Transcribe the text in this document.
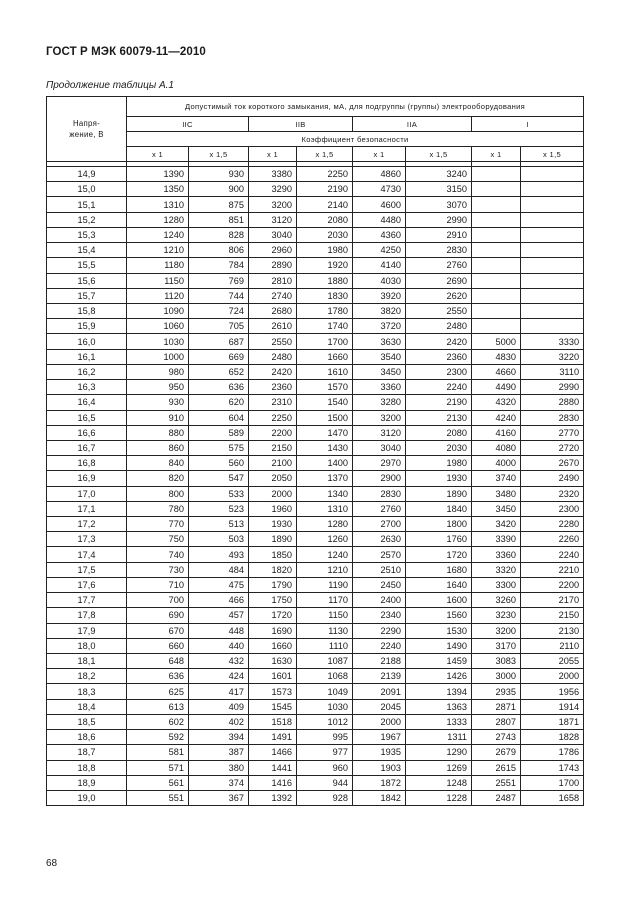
ГОСТ Р МЭК 60079-11—2010
Продолжение таблицы А.1
Напря-
жение, В	Допустимый ток короткого замыкания, мА, для подгруппы (группы) электрооборудования							
	IIC		IIB		IIA		I	
	Коэффициент безопасности							
	x 1	x 1,5	x 1	x 1,5	x 1	x 1,5	x 1	x 1,5

14,9	1390	930	3380	2250	4860	3240		
15,0	1350	900	3290	2190	4730	3150		
15,1	1310	875	3200	2140	4600	3070		
15,2	1280	851	3120	2080	4480	2990		
15,3	1240	828	3040	2030	4360	2910		
15,4	1210	806	2960	1980	4250	2830		
15,5	1180	784	2890	1920	4140	2760		
15,6	1150	769	2810	1880	4030	2690		
15,7	1120	744	2740	1830	3920	2620		
15,8	1090	724	2680	1780	3820	2550		
15,9	1060	705	2610	1740	3720	2480		
16,0	1030	687	2550	1700	3630	2420	5000	3330
16,1	1000	669	2480	1660	3540	2360	4830	3220
16,2	980	652	2420	1610	3450	2300	4660	3110
16,3	950	636	2360	1570	3360	2240	4490	2990
16,4	930	620	2310	1540	3280	2190	4320	2880
16,5	910	604	2250	1500	3200	2130	4240	2830
16,6	880	589	2200	1470	3120	2080	4160	2770
16,7	860	575	2150	1430	3040	2030	4080	2720
16,8	840	560	2100	1400	2970	1980	4000	2670
16,9	820	547	2050	1370	2900	1930	3740	2490
17,0	800	533	2000	1340	2830	1890	3480	2320
17,1	780	523	1960	1310	2760	1840	3450	2300
17,2	770	513	1930	1280	2700	1800	3420	2280
17,3	750	503	1890	1260	2630	1760	3390	2260
17,4	740	493	1850	1240	2570	1720	3360	2240
17,5	730	484	1820	1210	2510	1680	3320	2210
17,6	710	475	1790	1190	2450	1640	3300	2200
17,7	700	466	1750	1170	2400	1600	3260	2170
17,8	690	457	1720	1150	2340	1560	3230	2150
17,9	670	448	1690	1130	2290	1530	3200	2130
18,0	660	440	1660	1110	2240	1490	3170	2110
18,1	648	432	1630	1087	2188	1459	3083	2055
18,2	636	424	1601	1068	2139	1426	3000	2000
18,3	625	417	1573	1049	2091	1394	2935	1956
18,4	613	409	1545	1030	2045	1363	2871	1914
18,5	602	402	1518	1012	2000	1333	2807	1871
18,6	592	394	1491	995	1967	1311	2743	1828
18,7	581	387	1466	977	1935	1290	2679	1786
18,8	571	380	1441	960	1903	1269	2615	1743
18,9	561	374	1416	944	1872	1248	2551	1700
19,0	551	367	1392	928	1842	1228	2487	1658
68
